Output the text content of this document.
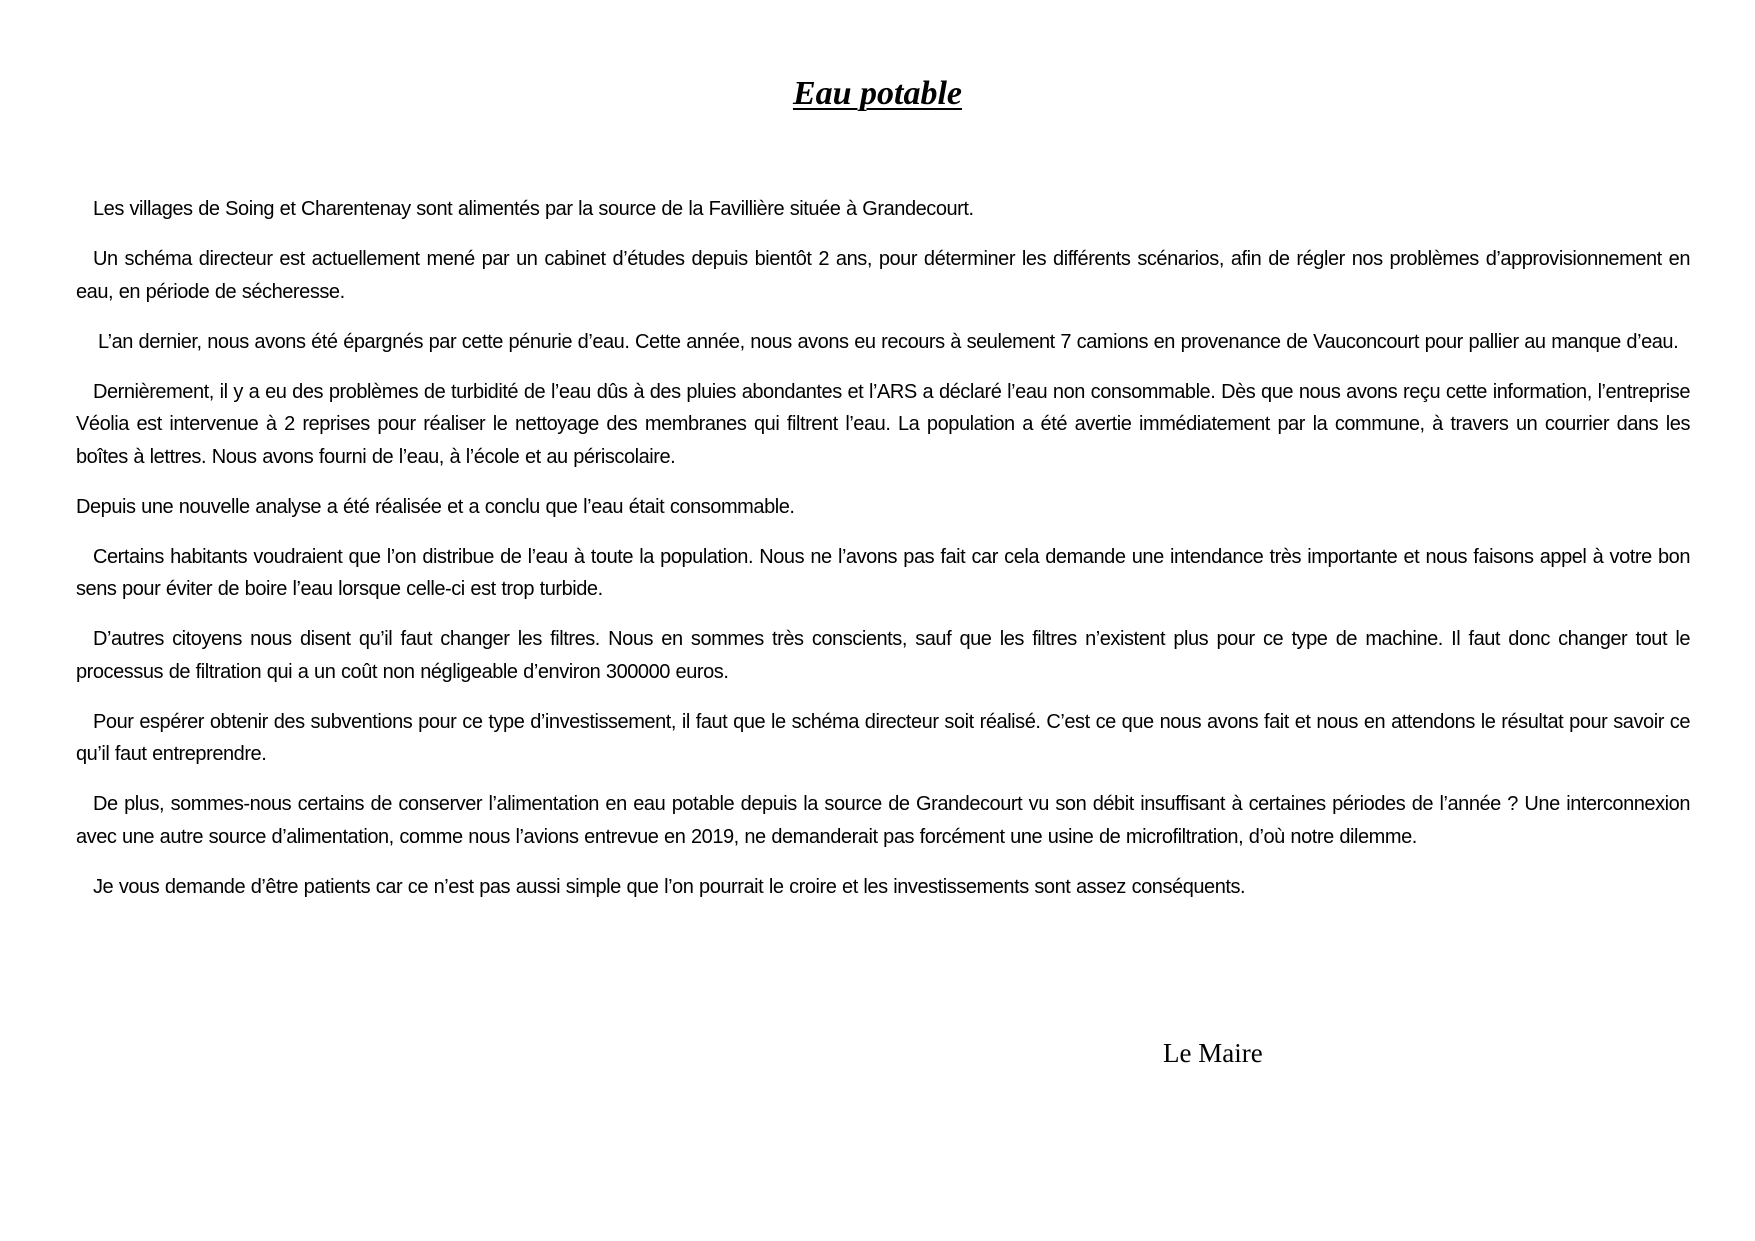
Eau potable

Les villages de Soing et Charentenay sont alimentés par la source de la Favillière située à Grandecourt.

Un schéma directeur est actuellement mené par un cabinet d’études depuis bientôt 2 ans, pour déterminer les différents scénarios, afin de régler nos problèmes d’approvisionnement en eau, en période de sécheresse.

L’an dernier, nous avons été épargnés par cette pénurie d’eau. Cette année, nous avons eu recours à seulement 7 camions en provenance de Vauconcourt pour pallier au manque d’eau.

Dernièrement, il y a eu des problèmes de turbidité de l’eau dûs à des pluies abondantes et l’ARS a déclaré l’eau non consommable. Dès que nous avons reçu cette information, l’entreprise Véolia est intervenue à 2 reprises pour réaliser le nettoyage des membranes qui filtrent l’eau. La population a été avertie immédiatement par la commune, à travers un courrier dans les boîtes à lettres. Nous avons fourni de l’eau, à l’école et au périscolaire.

Depuis une nouvelle analyse a été réalisée et a conclu que l’eau était consommable.

Certains habitants voudraient que l’on distribue de l’eau à toute la population. Nous ne l’avons pas fait car cela demande une intendance très importante et nous faisons appel à votre bon sens pour éviter de boire l’eau lorsque celle-ci est trop turbide.

D’autres citoyens nous disent qu’il faut changer les filtres. Nous en sommes très conscients, sauf que les filtres n’existent plus pour ce type de machine. Il faut donc changer tout le processus de filtration qui a un coût non négligeable d’environ 300000 euros.

Pour espérer obtenir des subventions pour ce type d’investissement, il faut que le schéma directeur soit réalisé. C’est ce que nous avons fait et nous en attendons le résultat pour savoir ce qu’il faut entreprendre.

De plus, sommes-nous certains de conserver l’alimentation en eau potable depuis la source de Grandecourt vu son débit insuffisant à certaines périodes de l’année ? Une interconnexion avec une autre source d’alimentation, comme nous l’avions entrevue en 2019, ne demanderait pas forcément une usine de microfiltration, d’où notre dilemme.

Je vous demande d’être patients car ce n’est pas aussi simple que l’on pourrait le croire et les investissements sont assez conséquents.

Le Maire
